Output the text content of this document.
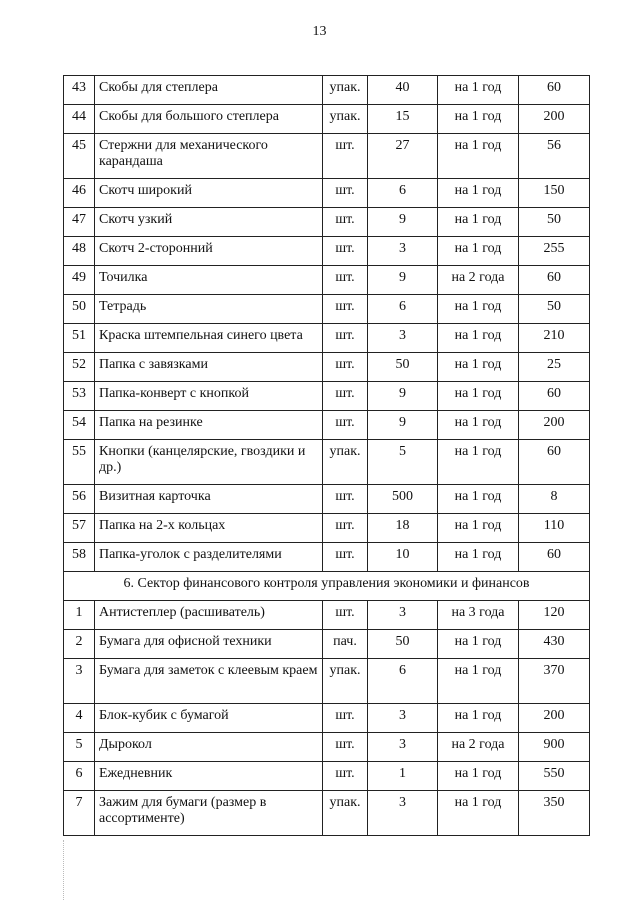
13
43	Скобы для степлера	упак.	40	на 1 год	60
44	Скобы для большого степлера	упак.	15	на 1 год	200
45	Стержни для механического карандаша	шт.	27	на 1 год	56
46	Скотч широкий	шт.	6	на 1 год	150
47	Скотч узкий	шт.	9	на 1 год	50
48	Скотч 2-сторонний	шт.	3	на 1 год	255
49	Точилка	шт.	9	на 2 года	60
50	Тетрадь	шт.	6	на 1 год	50
51	Краска штемпельная синего цвета	шт.	3	на 1 год	210
52	Папка с завязками	шт.	50	на 1 год	25
53	Папка-конверт с кнопкой	шт.	9	на 1 год	60
54	Папка на резинке	шт.	9	на 1 год	200
55	Кнопки (канцелярские, гвоздики и др.)	упак.	5	на 1 год	60
56	Визитная карточка	шт.	500	на 1 год	8
57	Папка на 2-х кольцах	шт.	18	на 1 год	110
58	Папка-уголок с разделителями	шт.	10	на 1 год	60
6. Сектор финансового контроля управления экономики и финансов					
1	Антистеплер (расшиватель)	шт.	3	на 3 года	120
2	Бумага для офисной техники	пач.	50	на 1 год	430
3	Бумага для заметок с клеевым краем	упак.	6	на 1 год	370
4	Блок-кубик с бумагой	шт.	3	на 1 год	200
5	Дырокол	шт.	3	на 2 года	900
6	Ежедневник	шт.	1	на 1 год	550
7	Зажим для бумаги (размер в ассортименте)	упак.	3	на 1 год	350
